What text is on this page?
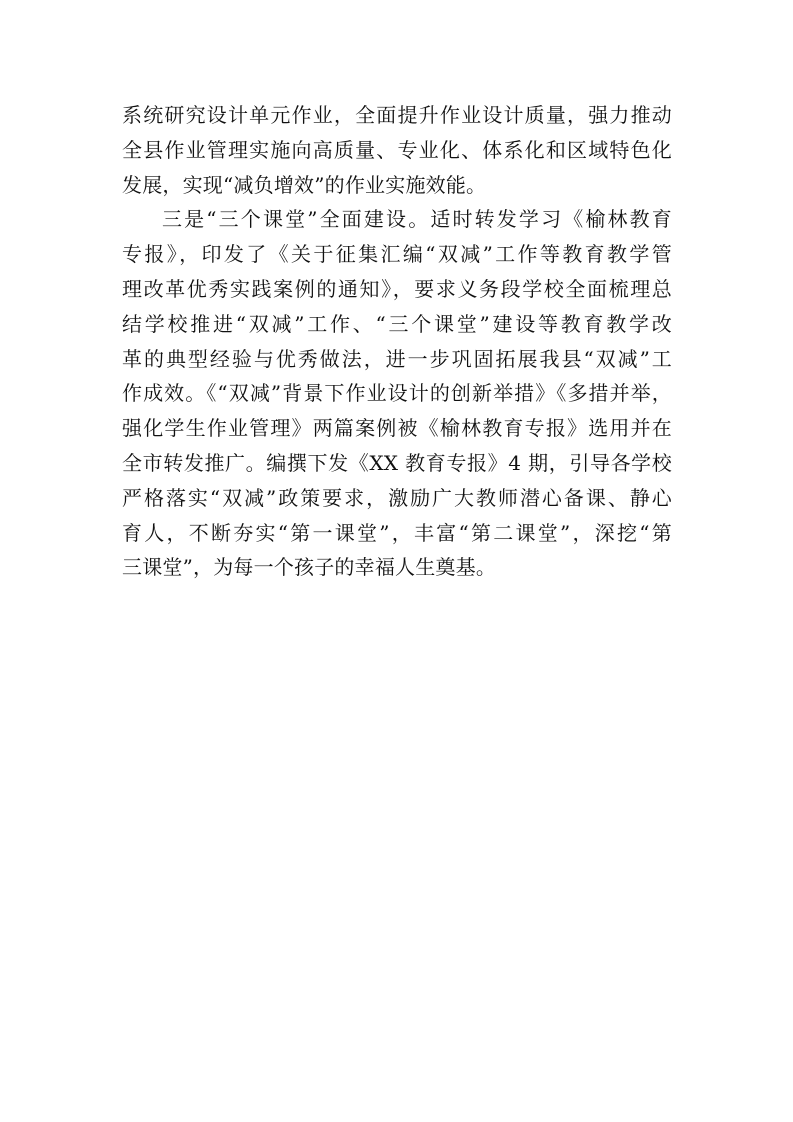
系统研究设计单元作业，全面提升作业设计质量，强力推动
全县作业管理实施向高质量、专业化、体系化和区域特色化
发展，实现“减负增效”的作业实施效能。
三是“三个课堂”全面建设。适时转发学习《榆林教育
专报》，印发了《关于征集汇编“双减”工作等教育教学管
理改革优秀实践案例的通知》，要求义务段学校全面梳理总
结学校推进“双减”工作、“三个课堂”建设等教育教学改
革的典型经验与优秀做法，进一步巩固拓展我县“双减”工
作成效。《“双减”背景下作业设计的创新举措》《多措并举，
强化学生作业管理》两篇案例被《榆林教育专报》选用并在
全市转发推广。编撰下发《XX 教育专报》4 期，引导各学校
严格落实“双减”政策要求，激励广大教师潜心备课、静心
育人，不断夯实“第一课堂”，丰富“第二课堂”，深挖“第
三课堂”，为每一个孩子的幸福人生奠基。
